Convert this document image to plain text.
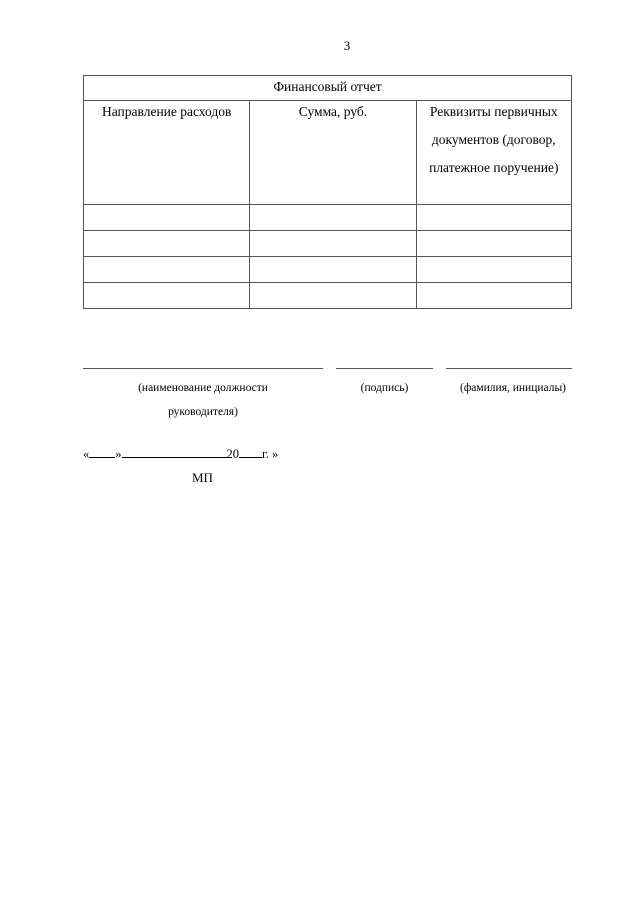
3
Финансовый отчет		

Направление расходов	Сумма, руб.	Реквизиты первичных документов (договор, платежное поручение)

(наименование должности
руководителя)
(подпись)	(фамилия, инициалы)
« »	20 г. »
МП
